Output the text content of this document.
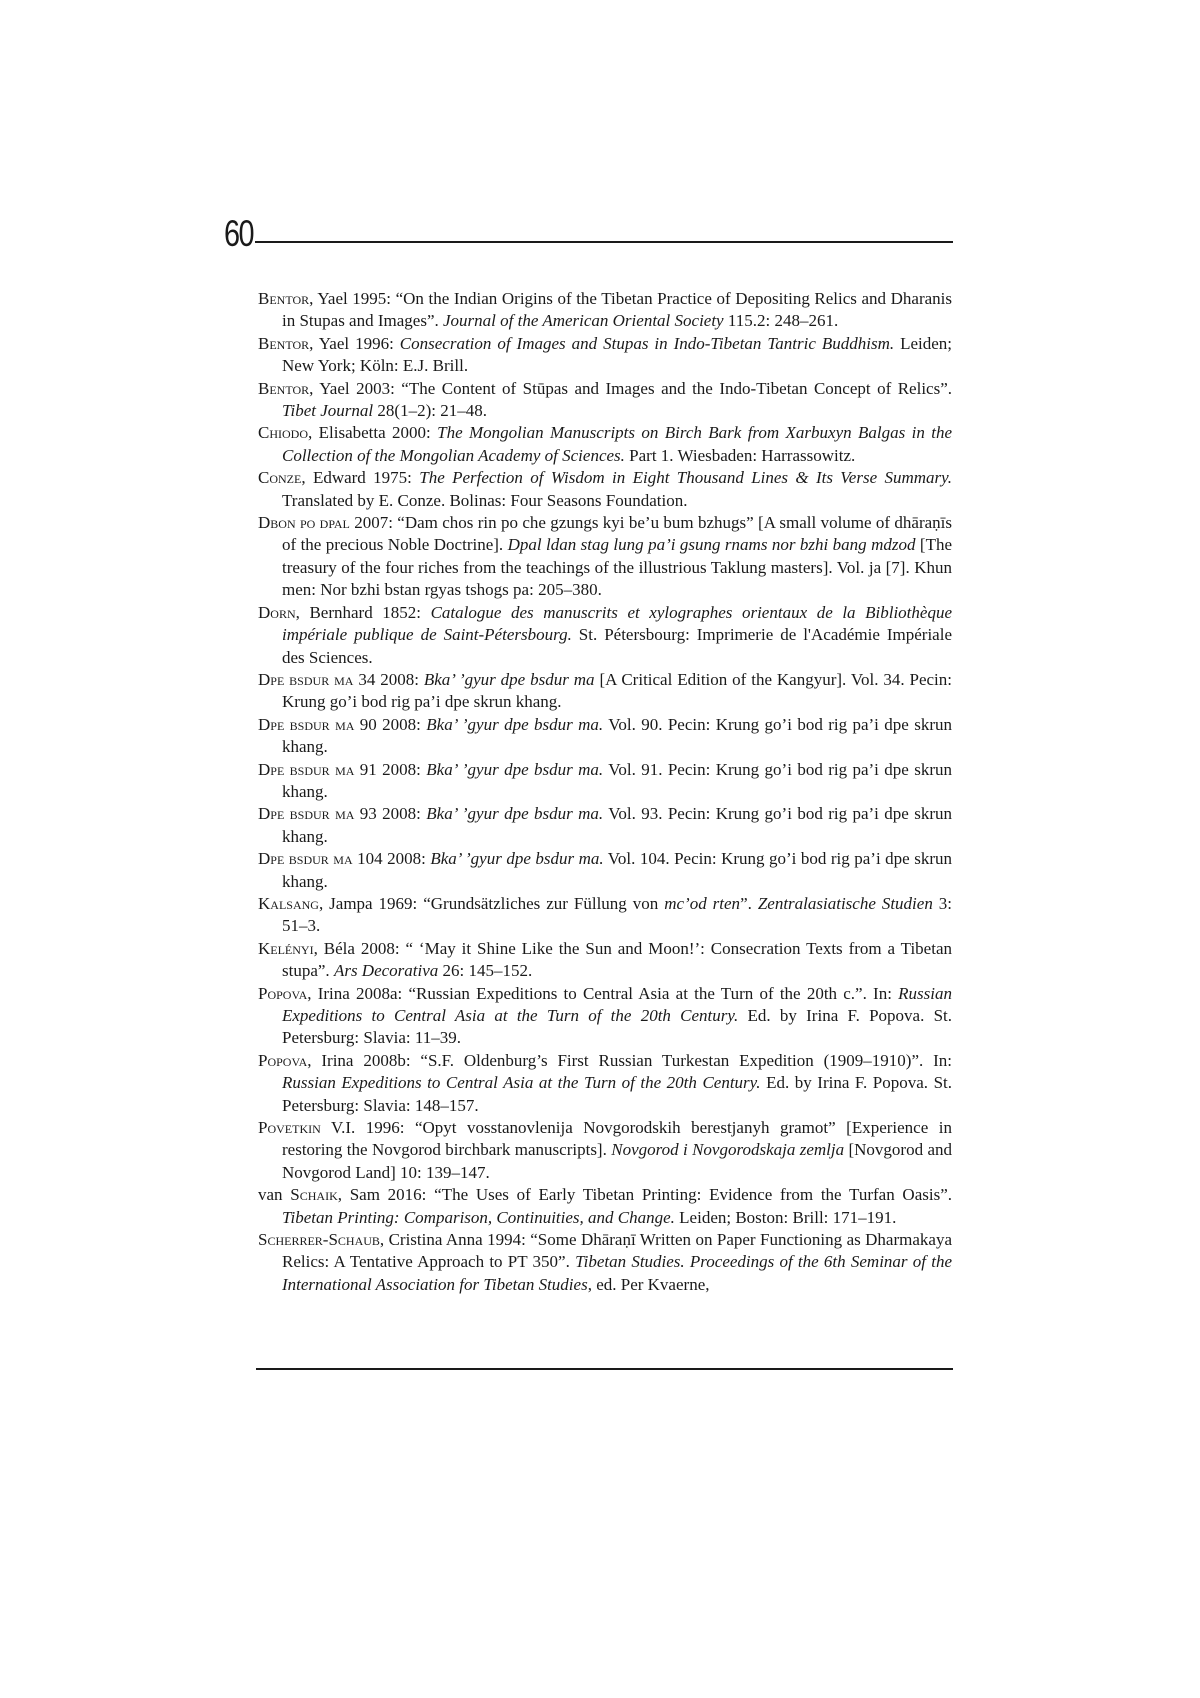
60
Bentor, Yael 1995: “On the Indian Origins of the Tibetan Practice of Depositing Relics and Dharanis in Stupas and Images”. Journal of the American Oriental Society 115.2: 248–261.
Bentor, Yael 1996: Consecration of Images and Stupas in Indo-Tibetan Tantric Buddhism. Leiden; New York; Köln: E.J. Brill.
Bentor, Yael 2003: “The Content of Stūpas and Images and the Indo-Tibetan Concept of Relics”. Tibet Journal 28(1–2): 21–48.
Chiodo, Elisabetta 2000: The Mongolian Manuscripts on Birch Bark from Xarbuxyn Balgas in the Collection of the Mongolian Academy of Sciences. Part 1. Wiesbaden: Harrassowitz.
Conze, Edward 1975: The Perfection of Wisdom in Eight Thousand Lines & Its Verse Summary. Translated by E. Conze. Bolinas: Four Seasons Foundation.
Dbon po dpal 2007: “Dam chos rin po che gzungs kyi be’u bum bzhugs” [A small volume of dhāraṇīs of the precious Noble Doctrine]. Dpal ldan stag lung pa’i gsung rnams nor bzhi bang mdzod [The treasury of the four riches from the teachings of the illustrious Taklung masters]. Vol. ja [7]. Khun men: Nor bzhi bstan rgyas tshogs pa: 205–380.
Dorn, Bernhard 1852: Catalogue des manuscrits et xylographes orientaux de la Bibliothèque impériale publique de Saint-Pétersbourg. St. Pétersbourg: Imprimerie de l'Académie Impériale des Sciences.
Dpe bsdur ma 34 2008: Bka’ ’gyur dpe bsdur ma [A Critical Edition of the Kangyur]. Vol. 34. Pecin: Krung go’i bod rig pa’i dpe skrun khang.
Dpe bsdur ma 90 2008: Bka’ ’gyur dpe bsdur ma. Vol. 90. Pecin: Krung go’i bod rig pa’i dpe skrun khang.
Dpe bsdur ma 91 2008: Bka’ ’gyur dpe bsdur ma. Vol. 91. Pecin: Krung go’i bod rig pa’i dpe skrun khang.
Dpe bsdur ma 93 2008: Bka’ ’gyur dpe bsdur ma. Vol. 93. Pecin: Krung go’i bod rig pa’i dpe skrun khang.
Dpe bsdur ma 104 2008: Bka’ ’gyur dpe bsdur ma. Vol. 104. Pecin: Krung go’i bod rig pa’i dpe skrun khang.
Kalsang, Jampa 1969: “Grundsätzliches zur Füllung von mc’od rten”. Zentralasiatische Studien 3: 51–3.
Kelényi, Béla 2008: “ ‘May it Shine Like the Sun and Moon!’: Consecration Texts from a Tibetan stupa”. Ars Decorativa 26: 145–152.
Popova, Irina 2008a: “Russian Expeditions to Central Asia at the Turn of the 20th c.”. In: Russian Expeditions to Central Asia at the Turn of the 20th Century. Ed. by Irina F. Popova. St. Petersburg: Slavia: 11–39.
Popova, Irina 2008b: “S.F. Oldenburg’s First Russian Turkestan Expedition (1909–1910)”. In: Russian Expeditions to Central Asia at the Turn of the 20th Century. Ed. by Irina F. Popova. St. Petersburg: Slavia: 148–157.
Povetkin V.I. 1996: “Opyt vosstanovlenija Novgorodskih berestjanyh gramot” [Experience in restoring the Novgorod birchbark manuscripts]. Novgorod i Novgorodskaja zemlja [Novgorod and Novgorod Land] 10: 139–147.
van Schaik, Sam 2016: “The Uses of Early Tibetan Printing: Evidence from the Turfan Oasis”. Tibetan Printing: Comparison, Continuities, and Change. Leiden; Boston: Brill: 171–191.
Scherrer-Schaub, Cristina Anna 1994: “Some Dhāraṇī Written on Paper Functioning as Dharmakaya Relics: A Tentative Approach to PT 350”. Tibetan Studies. Proceedings of the 6th Seminar of the International Association for Tibetan Studies, ed. Per Kvaerne,
